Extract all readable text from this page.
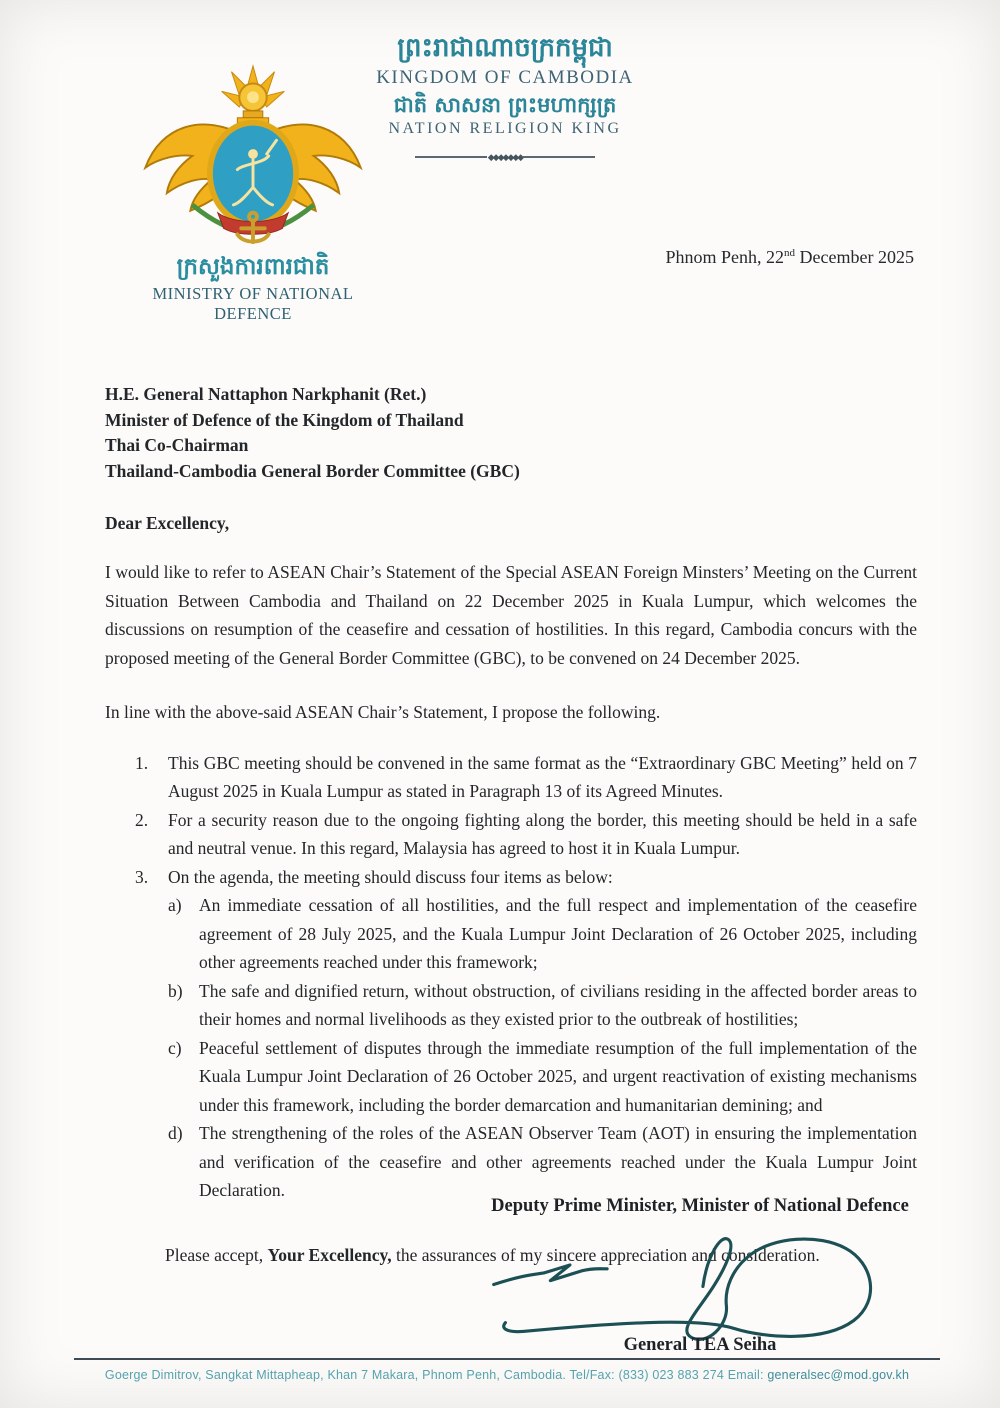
ព្រះរាជាណាចក្រកម្ពុជា
KINGDOM OF CAMBODIA
ជាតិ សាសនា ព្រះមហាក្សត្រ
NATION RELIGION KING
◆◆◆◆◆◆◆
ក្រសួងការពារជាតិ
MINISTRY OF NATIONAL DEFENCE
Phnom Penh, 22nd December 2025
H.E. General Nattaphon Narkphanit (Ret.)
Minister of Defence of the Kingdom of Thailand
Thai Co-Chairman
Thailand-Cambodia General Border Committee (GBC)
Dear Excellency,
I would like to refer to ASEAN Chair’s Statement of the Special ASEAN Foreign Minsters’ Meeting on the Current Situation Between Cambodia and Thailand on 22 December 2025 in Kuala Lumpur, which welcomes the discussions on resumption of the ceasefire and cessation of hostilities. In this regard, Cambodia concurs with the proposed meeting of the General Border Committee (GBC), to be convened on 24 December 2025.
In line with the above-said ASEAN Chair’s Statement, I propose the following.
1.	This GBC meeting should be convened in the same format as the “Extraordinary GBC Meeting” held on 7 August 2025 in Kuala Lumpur as stated in Paragraph 13 of its Agreed Minutes.
2.	For a security reason due to the ongoing fighting along the border, this meeting should be held in a safe and neutral venue. In this regard, Malaysia has agreed to host it in Kuala Lumpur.
3.	On the agenda, the meeting should discuss four items as below:
a) An immediate cessation of all hostilities, and the full respect and implementation of the ceasefire agreement of 28 July 2025, and the Kuala Lumpur Joint Declaration of 26 October 2025, including other agreements reached under this framework;
b) The safe and dignified return, without obstruction, of civilians residing in the affected border areas to their homes and normal livelihoods as they existed prior to the outbreak of hostilities;
c) Peaceful settlement of disputes through the immediate resumption of the full implementation of the Kuala Lumpur Joint Declaration of 26 October 2025, and urgent reactivation of existing mechanisms under this framework, including the border demarcation and humanitarian demining; and
d) The strengthening of the roles of the ASEAN Observer Team (AOT) in ensuring the implementation and verification of the ceasefire and other agreements reached under the Kuala Lumpur Joint Declaration.
Please accept, Your Excellency, the assurances of my sincere appreciation and consideration.
Deputy Prime Minister, Minister of National Defence
General TEA Seiha
Goerge Dimitrov, Sangkat Mittapheap, Khan 7 Makara, Phnom Penh, Cambodia. Tel/Fax: (833) 023 883 274 Email: generalsec@mod.gov.kh
